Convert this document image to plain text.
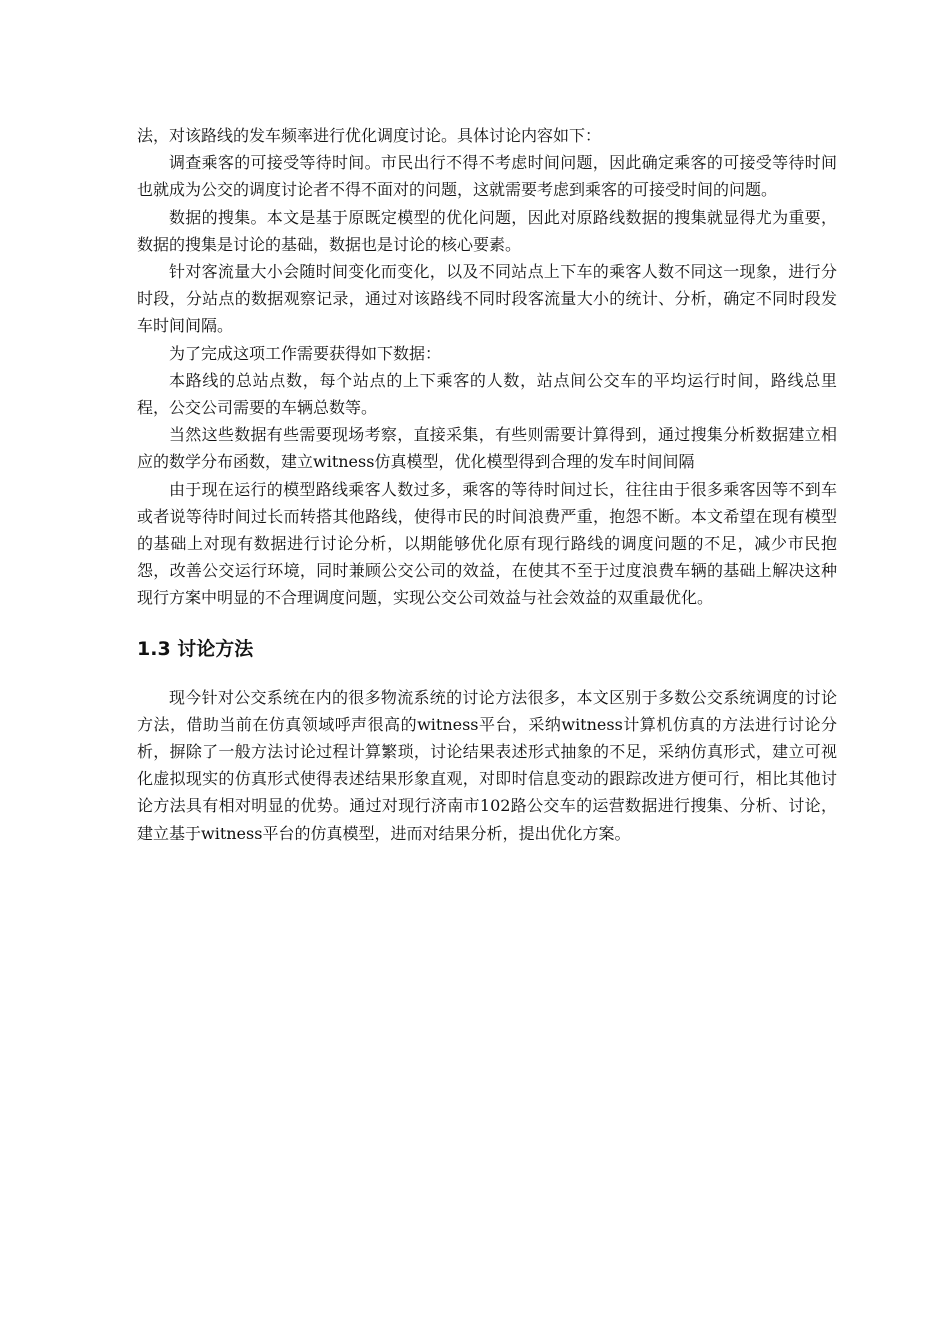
法，对该路线的发车频率进行优化调度讨论。具体讨论内容如下：

调查乘客的可接受等待时间。市民出行不得不考虑时间问题，因此确定乘客的可接受等待时间也就成为公交的调度讨论者不得不面对的问题，这就需要考虑到乘客的可接受时间的问题。

数据的搜集。本文是基于原既定模型的优化问题，因此对原路线数据的搜集就显得尤为重要，数据的搜集是讨论的基础，数据也是讨论的核心要素。

针对客流量大小会随时间变化而变化，以及不同站点上下车的乘客人数不同这一现象，进行分时段，分站点的数据观察记录，通过对该路线不同时段客流量大小的统计、分析，确定不同时段发车时间间隔。

为了完成这项工作需要获得如下数据：

本路线的总站点数，每个站点的上下乘客的人数，站点间公交车的平均运行时间，路线总里程，公交公司需要的车辆总数等。

当然这些数据有些需要现场考察，直接采集，有些则需要计算得到，通过搜集分析数据建立相应的数学分布函数，建立witness仿真模型，优化模型得到合理的发车时间间隔

由于现在运行的模型路线乘客人数过多，乘客的等待时间过长，往往由于很多乘客因等不到车或者说等待时间过长而转搭其他路线，使得市民的时间浪费严重，抱怨不断。本文希望在现有模型的基础上对现有数据进行讨论分析，以期能够优化原有现行路线的调度问题的不足，减少市民抱怨，改善公交运行环境，同时兼顾公交公司的效益，在使其不至于过度浪费车辆的基础上解决这种现行方案中明显的不合理调度问题，实现公交公司效益与社会效益的双重最优化。

1.3 讨论方法

现今针对公交系统在内的很多物流系统的讨论方法很多，本文区别于多数公交系统调度的讨论方法，借助当前在仿真领域呼声很高的witness平台，采纳witness计算机仿真的方法进行讨论分析，摒除了一般方法讨论过程计算繁琐，讨论结果表述形式抽象的不足，采纳仿真形式，建立可视化虚拟现实的仿真形式使得表述结果形象直观，对即时信息变动的跟踪改进方便可行，相比其他讨论方法具有相对明显的优势。通过对现行济南市102路公交车的运营数据进行搜集、分析、讨论，建立基于witness平台的仿真模型，进而对结果分析，提出优化方案。
